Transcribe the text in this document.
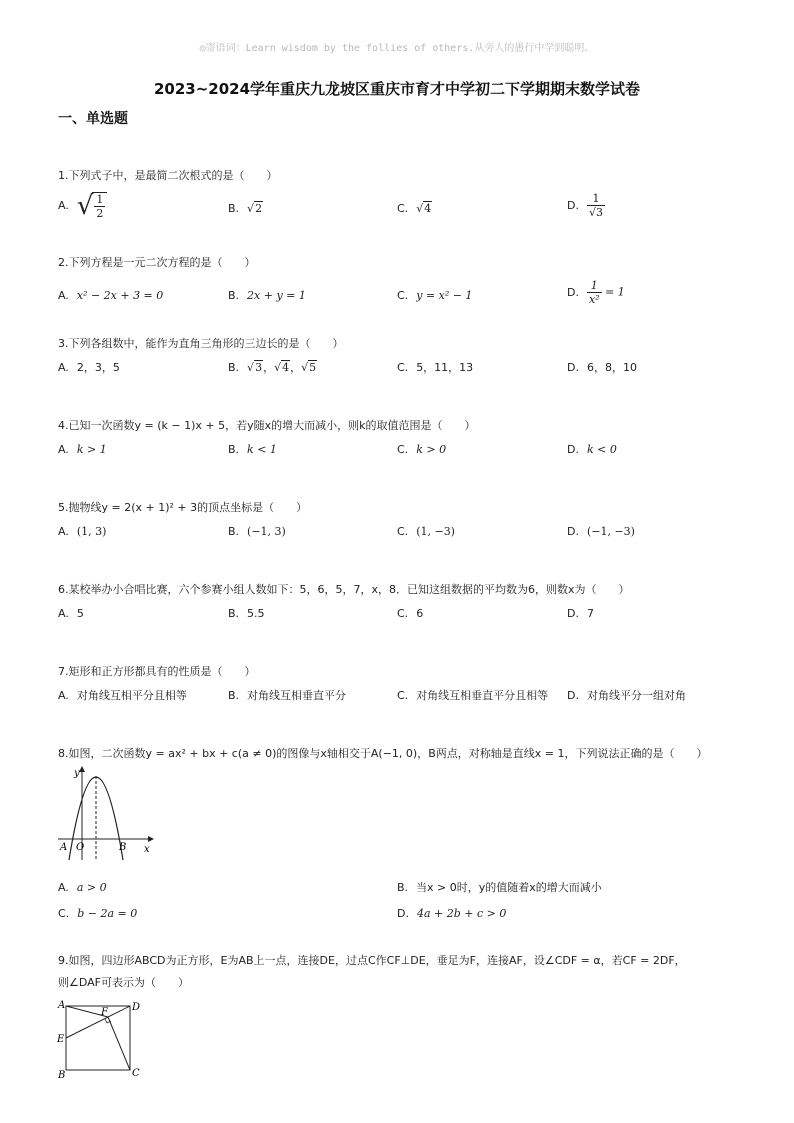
◎寄语词：Learn wisdom by the follies of others.从旁人的愚行中学到聪明。
2023~2024学年重庆九龙坡区重庆市育才中学初二下学期期末数学试卷
一、单选题
1.下列式子中，是最简二次根式的是（　　）
A. √ $\frac{1}{2}$	B. √2	C. √4	D. $\frac{1}{√3}$
2.下列方程是一元二次方程的是（　　）
A. x² − 2x + 3 = 0	B. 2x + y = 1	C. y = x² − 1	D. $\frac{1}{\text{x²}} = 1$
3.下列各组数中，能作为直角三角形的三边长的是（　　）
A. 2，3，5	B. √3，√4，√5	C. 5，11，13	D. 6，8，10
4.已知一次函数y = (k − 1)x + 5，若y随x的增大而减小，则k的取值范围是（　　）
A. k > 1	B. k < 1	C. k > 0	D. k < 0
5.抛物线y = 2(x + 1)² + 3的顶点坐标是（　　）
A. (1, 3)	B. (−1, 3)	C. (1, −3)	D. (−1, −3)
6.某校举办小合唱比赛，六个参赛小组人数如下：5，6，5，7，x，8．已知这组数据的平均数为6，则数x为（　　）
A. 5	B. 5.5	C. 6	D. 7
7.矩形和正方形都具有的性质是（　　）
A. 对角线互相平分且相等	B. 对角线互相垂直平分	C. 对角线互相垂直平分且相等 D. 对角线平分一组对角
8.如图，二次函数y = ax² + bx + c(a ≠ 0)的图像与x轴相交于A(−1, 0)，B两点，对称轴是直线x = 1，下列说法正确的是（　　）
y
x
A O	B
A. a > 0	B. 当x > 0时，y的值随着x的增大而减小
C. b − 2a = 0	D. 4a + 2b + c > 0
9.如图，四边形ABCD为正方形，E为AB上一点，连接DE，过点C作CF⊥DE，垂足为F，连接AF，设∠CDF = α，若CF = 2DF，
则∠DAF可表示为（　　）
A	D
F
E
B	C
